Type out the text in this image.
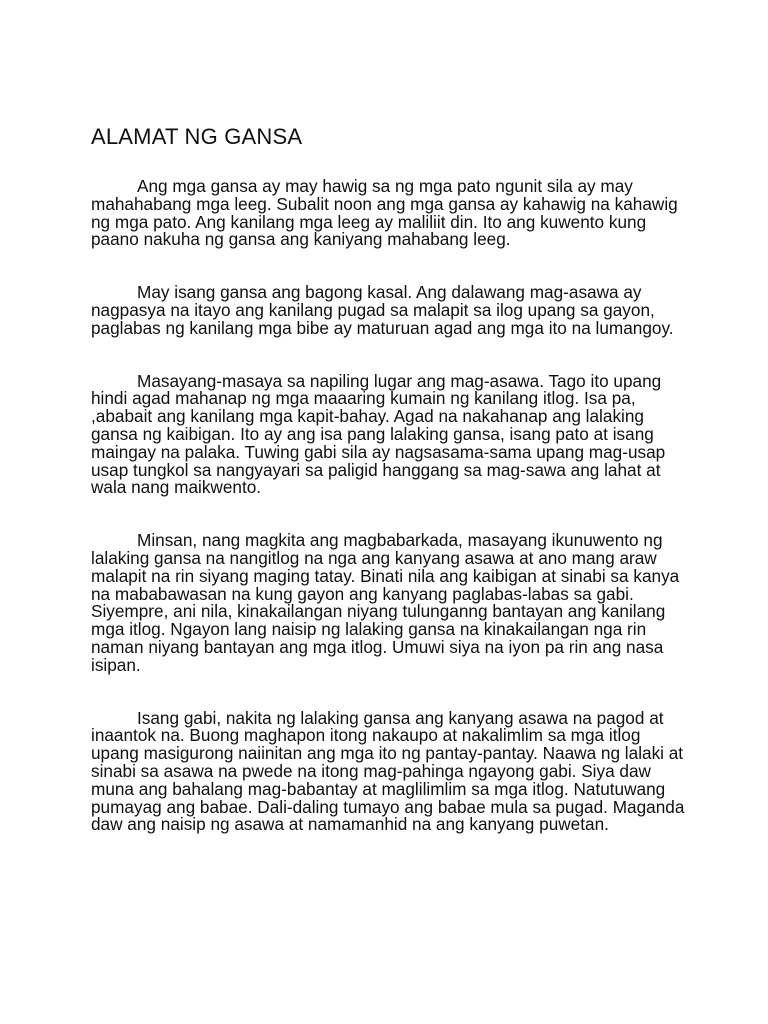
ALAMAT NG GANSA

Ang mga gansa ay may hawig sa ng mga pato ngunit sila ay may mahahabang mga leeg. Subalit noon ang mga gansa ay kahawig na kahawig ng mga pato. Ang kanilang mga leeg ay maliliit din. Ito ang kuwento kung paano nakuha ng gansa ang kaniyang mahabang leeg.

May isang gansa ang bagong kasal. Ang dalawang mag-asawa ay nagpasya na itayo ang kanilang pugad sa malapit sa ilog upang sa gayon, paglabas ng kanilang mga bibe ay maturuan agad ang mga ito na lumangoy.

Masayang-masaya sa napiling lugar ang mag-asawa. Tago ito upang hindi agad mahanap ng mga maaaring kumain ng kanilang itlog. Isa pa, ,ababait ang kanilang mga kapit-bahay. Agad na nakahanap ang lalaking gansa ng kaibigan. Ito ay ang isa pang lalaking gansa, isang pato at isang maingay na palaka. Tuwing gabi sila ay nagsasama-sama upang mag-usap usap tungkol sa nangyayari sa paligid hanggang sa mag-sawa ang lahat at wala nang maikwento.

Minsan, nang magkita ang magbabarkada, masayang ikunuwento ng lalaking gansa na nangitlog na nga ang kanyang asawa at ano mang araw malapit na rin siyang maging tatay. Binati nila ang kaibigan at sinabi sa kanya na mababawasan na kung gayon ang kanyang paglabas-labas sa gabi. Siyempre, ani nila, kinakailangan niyang tulunganng bantayan ang kanilang mga itlog. Ngayon lang naisip ng lalaking gansa na kinakailangan nga rin naman niyang bantayan ang mga itlog. Umuwi siya na iyon pa rin ang nasa isipan.

Isang gabi, nakita ng lalaking gansa ang kanyang asawa na pagod at inaantok na. Buong maghapon itong nakaupo at nakalimlim sa mga itlog upang masigurong naiinitan ang mga ito ng pantay-pantay. Naawa ng lalaki at sinabi sa asawa na pwede na itong mag-pahinga ngayong gabi. Siya daw muna ang bahalang mag-babantay at maglilimlim sa mga itlog. Natutuwang pumayag ang babae. Dali-daling tumayo ang babae mula sa pugad. Maganda daw ang naisip ng asawa at namamanhid na ang kanyang puwetan.
